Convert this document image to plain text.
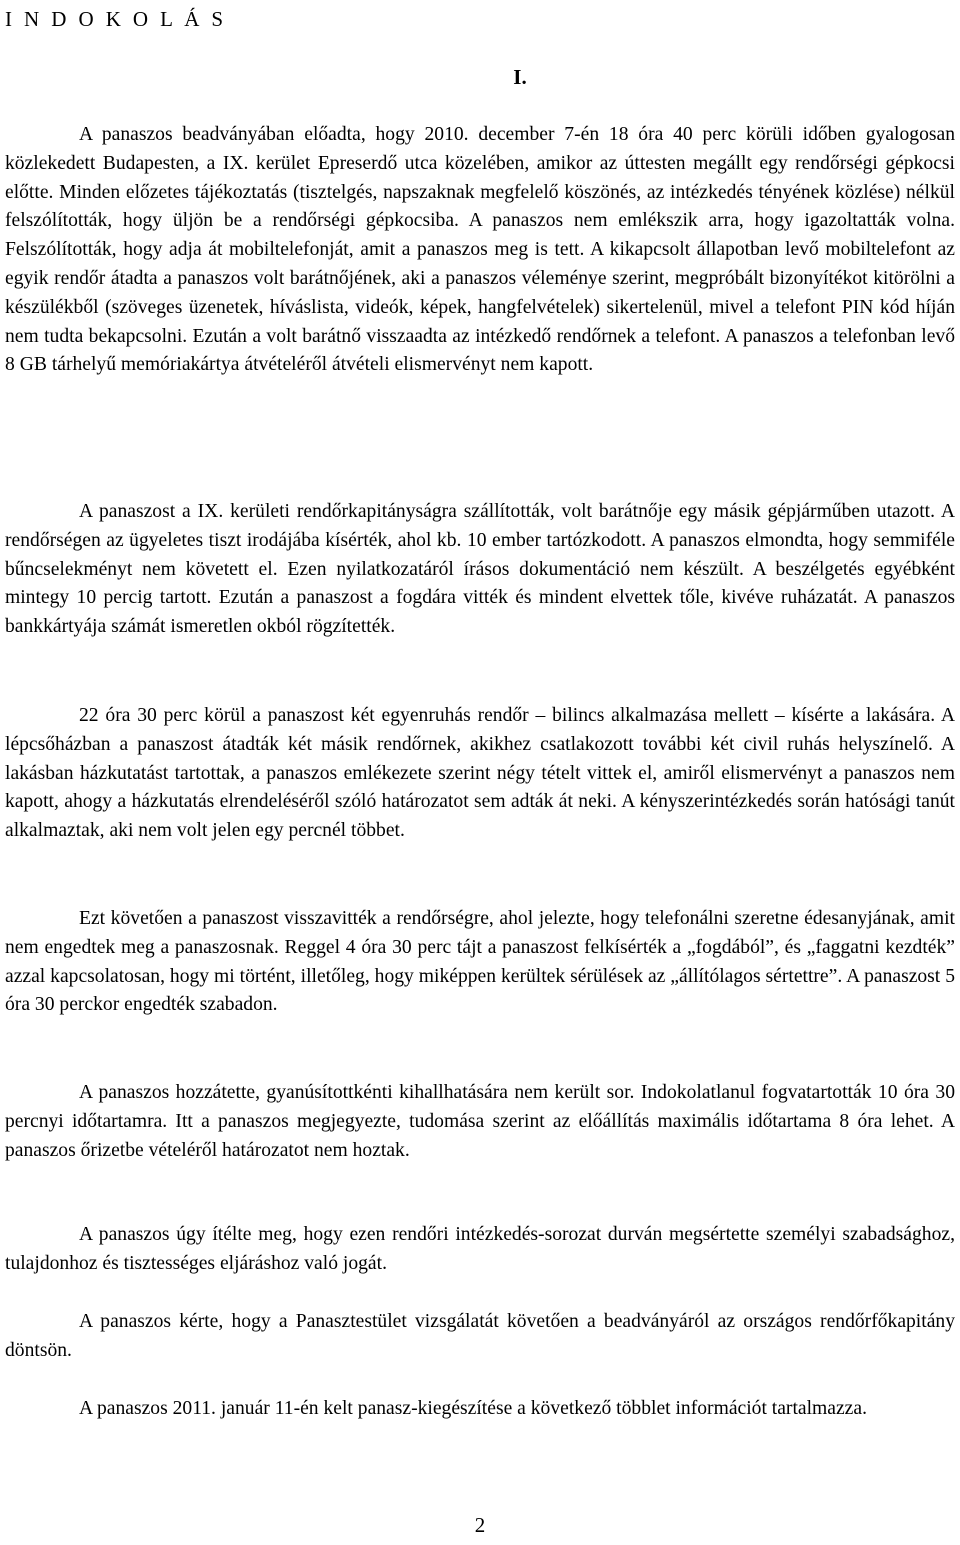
I N D O K O L Á S
I.

A panaszos beadványában előadta, hogy 2010. december 7-én 18 óra 40 perc körüli időben gyalogosan közlekedett Budapesten, a IX. kerület Epreserdő utca közelében, amikor az úttesten megállt egy rendőrségi gépkocsi előtte. Minden előzetes tájékoztatás (tisztelgés, napszaknak megfelelő köszönés, az intézkedés tényének közlése) nélkül felszólították, hogy üljön be a rendőrségi gépkocsiba. A panaszos nem emlékszik arra, hogy igazoltatták volna. Felszólították, hogy adja át mobiltelefonját, amit a panaszos meg is tett. A kikapcsolt állapotban levő mobiltelefont az egyik rendőr átadta a panaszos volt barátnőjének, aki a panaszos véleménye szerint, megpróbált bizonyítékot kitörölni a készülékből (szöveges üzenetek, híváslista, videók, képek, hangfelvételek) sikertelenül, mivel a telefont PIN kód híján nem tudta bekapcsolni. Ezután a volt barátnő visszaadta az intézkedő rendőrnek a telefont. A panaszos a telefonban levő 8 GB tárhelyű memóriakártya átvételéről átvételi elismervényt nem kapott.

A panaszost a IX. kerületi rendőrkapitányságra szállították, volt barátnője egy másik gépjárműben utazott. A rendőrségen az ügyeletes tiszt irodájába kísérték, ahol kb. 10 ember tartózkodott. A panaszos elmondta, hogy semmiféle bűncselekményt nem követett el. Ezen nyilatkozatáról írásos dokumentáció nem készült. A beszélgetés egyébként mintegy 10 percig tartott. Ezután a panaszost a fogdára vitték és mindent elvettek tőle, kivéve ruházatát. A panaszos bankkártyája számát ismeretlen okból rögzítették.

22 óra 30 perc körül a panaszost két egyenruhás rendőr – bilincs alkalmazása mellett – kísérte a lakására. A lépcsőházban a panaszost átadták két másik rendőrnek, akikhez csatlakozott további két civil ruhás helyszínelő. A lakásban házkutatást tartottak, a panaszos emlékezete szerint négy tételt vittek el, amiről elismervényt a panaszos nem kapott, ahogy a házkutatás elrendeléséről szóló határozatot sem adták át neki. A kényszerintézkedés során hatósági tanút alkalmaztak, aki nem volt jelen egy percnél többet.

Ezt követően a panaszost visszavitték a rendőrségre, ahol jelezte, hogy telefonálni szeretne édesanyjának, amit nem engedtek meg a panaszosnak. Reggel 4 óra 30 perc tájt a panaszost felkísérték a „fogdából”, és „faggatni kezdték” azzal kapcsolatosan, hogy mi történt, illetőleg, hogy miképpen kerültek sérülések az „állítólagos sértettre”. A panaszost 5 óra 30 perckor engedték szabadon.

A panaszos hozzátette, gyanúsítottkénti kihallhatására nem került sor. Indokolatlanul fogvatartották 10 óra 30 percnyi időtartamra. Itt a panaszos megjegyezte, tudomása szerint az előállítás maximális időtartama 8 óra lehet. A panaszos őrizetbe vételéről határozatot nem hoztak.

A panaszos úgy ítélte meg, hogy ezen rendőri intézkedés-sorozat durván megsértette személyi szabadsághoz, tulajdonhoz és tisztességes eljáráshoz való jogát.

A panaszos kérte, hogy a Panasztestület vizsgálatát követően a beadványáról az országos rendőrfőkapitány döntsön.

A panaszos 2011. január 11-én kelt panasz-kiegészítése a következő többlet információt tartalmazza.

2
